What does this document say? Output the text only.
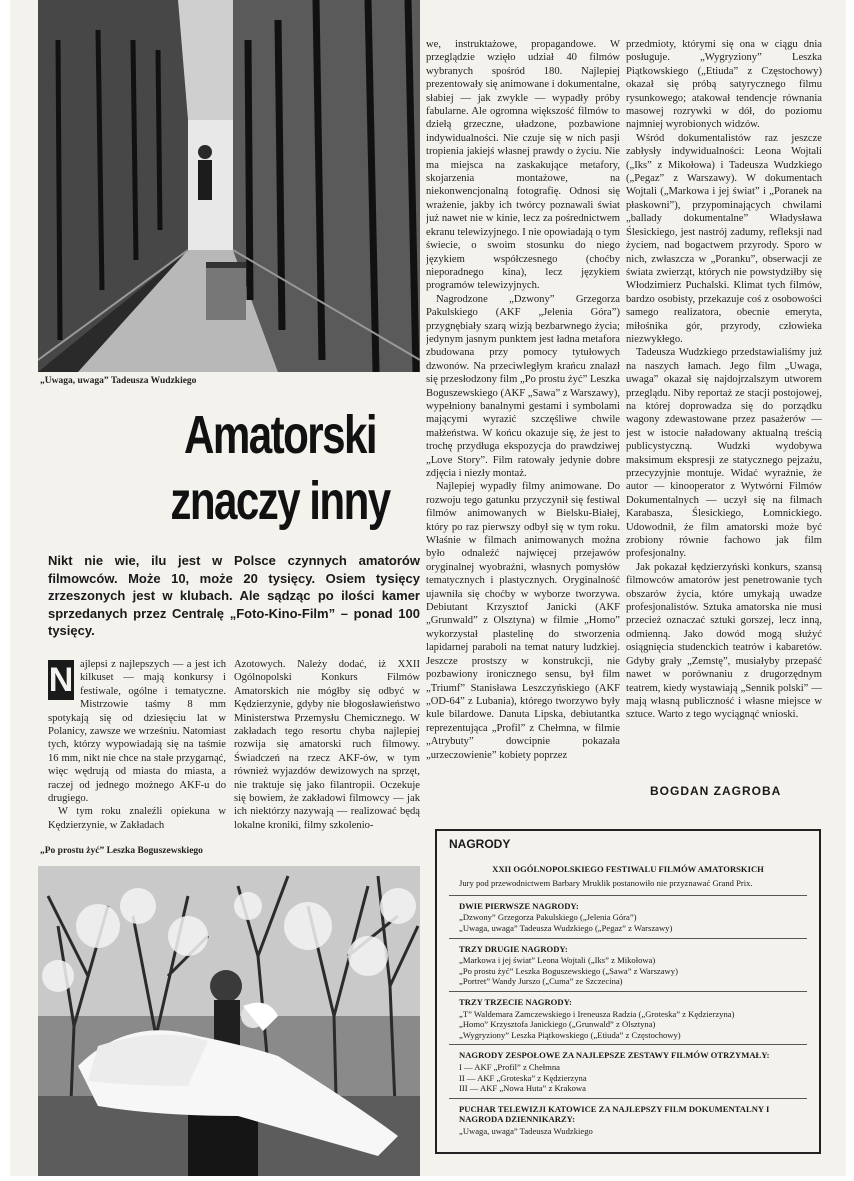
„Uwaga, uwaga” Tadeusza Wudzkiego
Amatorski
znaczy inny
Nikt nie wie, ilu jest w Polsce czynnych amatorów filmowców. Może 10, może 20 tysięcy. Osiem tysięcy zrzeszonych jest w klubach. Ale sądząc po ilości kamer sprzedanych przez Centralę „Foto-Kino-Film” – ponad 100 tysięcy.
N ajlepsi z najlepszych — a jest ich kilkuset — mają konkursy i festiwale, ogólne i tematyczne. Mistrzowie taśmy 8 mm spotykają się od dziesięciu lat w Polanicy, zawsze we wrześniu. Natomiast tych, którzy wypowiadają się na taśmie 16 mm, nikt nie chce na stałe przygarnąć, więc wędrują od miasta do miasta, a raczej od jednego możnego AKF-u do drugiego.

W tym roku znaleźli opiekuna w Kędzierzynie, w Zakładach

Azotowych. Należy dodać, iż XXII Ogólnopolski Konkurs Filmów Amatorskich nie mógłby się odbyć w Kędzierzynie, gdyby nie błogosławieństwo Ministerstwa Przemysłu Chemicznego. W zakładach tego resortu chyba najlepiej rozwija się amatorski ruch filmowy. Świadczeń na rzecz AKF-ów, w tym również wyjazdów dewizowych na sprzęt, nie traktuje się jako filantropii. Oczekuje się bowiem, że zakładowi filmowcy — jak ich niektórzy nazywają — realizować będą lokalne kroniki, filmy szkolenio-

we, instruktażowe, propagandowe. W przeglądzie wzięło udział 40 filmów wybranych spośród 180. Najlepiej prezentowały się animowane i dokumentalne, słabiej — jak zwykle — wypadły próby fabularne. Ale ogromna większość filmów to dziełą grzeczne, uładzone, pozbawione indywidualności. Nie czuje się w nich pasji tropienia jakiejś własnej prawdy o życiu. Nie ma miejsca na zaskakujące metafory, skojarzenia montażowe, na niekonwencjonalną fotografię. Odnosi się wrażenie, jakby ich twórcy poznawali świat już nawet nie w kinie, lecz za pośrednictwem ekranu telewizyjnego. I nie opowiadają o tym świecie, o swoim stosunku do niego językiem współczesnego (choćby nieporadnego kina), lecz językiem programów telewizyjnych.

Nagrodzone „Dzwony” Grzegorza Pakulskiego (AKF „Jelenia Góra”) przygnębiały szarą wizją bezbarwnego życia; jedynym jasnym punktem jest ładna metafora zbudowana przy pomocy tytułowych dzwonów. Na przeciwległym krańcu znalazł się przesłodzony film „Po prostu żyć” Leszka Boguszewskiego (AKF „Sawa” z Warszawy), wypełniony banalnymi gestami i symbolami mającymi wyrazić szczęśliwe chwile małżeństwa. W końcu okazuje się, że jest to trochę przydługa ekspozycja do prawdziwej „Love Story”. Film ratowały jedynie dobre zdjęcia i niezły montaż.

Najlepiej wypadły filmy animowane. Do rozwoju tego gatunku przyczynił się festiwal filmów animowanych w Bielsku-Białej, który po raz pierwszy odbył się w tym roku. Właśnie w filmach animowanych można było odnaleźć najwięcej przejawów oryginalnej wyobraźni, własnych pomysłów tematycznych i plastycznych. Oryginalność ujawniła się choćby w wyborze tworzywa. Debiutant Krzysztof Janicki (AKF „Grunwald” z Olsztyna) w filmie „Homo” wykorzystał plastelinę do stworzenia lapidarnej paraboli na temat natury ludzkiej. Jeszcze prostszy w konstrukcji, nie pozbawiony ironicznego sensu, był film „Triumf” Stanisława Leszczyńskiego (AKF „OD-64” z Lubania), którego tworzywo były kule bilardowe. Danuta Lipska, debiutantka reprezentująca „Profil” z Chełmna, w filmie „Atrybuty” dowcipnie pokazała „urzeczowienie” kobiety poprzez

przedmioty, którymi się ona w ciągu dnia posługuje. „Wygryziony” Leszka Piątkowskiego („Etiuda” z Częstochowy) okazał się próbą satyrycznego filmu rysunkowego; atakował tendencje równania masowej rozrywki w dół, do poziomu najmniej wyrobionych widzów.

Wśród dokumentalistów raz jeszcze zabłysły indywidualności: Leona Wojtali („Iks” z Mikołowa) i Tadeusza Wudzkiego („Pegaz” z Warszawy). W dokumentach Wojtali („Markowa i jej świat” i „Poranek na płaskowni”), przypominających chwilami „ballady dokumentalne” Władysława Ślesickiego, jest nastrój zadumy, refleksji nad życiem, nad bogactwem przyrody. Sporo w nich, zwłaszcza w „Poranku”, obserwacji ze świata zwierząt, których nie powstydziłby się Włodzimierz Puchalski. Klimat tych filmów, bardzo osobisty, przekazuje coś z osobowości samego realizatora, obecnie emeryta, miłośnika gór, przyrody, człowieka niezwykłego.

Tadeusza Wudzkiego przedstawialiśmy już na naszych łamach. Jego film „Uwaga, uwaga” okazał się najdojrzalszym utworem przeglądu. Niby reportaż ze stacji postojowej, na której doprowadza się do porządku wagony zdewastowane przez pasażerów — jest w istocie naładowany aktualną treścią publicystyczną. Wudzki wydobywa maksimum ekspresji ze statycznego pejzażu, przecyzyjnie montuje. Widać wyraźnie, że autor — kinooperator z Wytwórni Filmów Dokumentalnych — uczył się na filmach Karabasza, Ślesickiego, Łomnickiego. Udowodnił, że film amatorski może być zrobiony równie fachowo jak film profesjonalny.

Jak pokazał kędzierzyński konkurs, szansą filmowców amatorów jest penetrowanie tych obszarów życia, które umykają uwadze profesjonalistów. Sztuka amatorska nie musi przecież oznaczać sztuki gorszej, lecz inną, odmienną. Jako dowód mogą służyć osiągnięcia studenckich teatrów i kabaretów. Gdyby grały „Zemstę”, musiałyby przepaść nawet w porównaniu z drugorzędnym teatrem, kiedy wystawiają „Sennik polski” — mają własną publiczność i własne miejsce w sztuce. Warto z tego wyciągnąć wnioski.

BOGDAN ZAGROBA
„Po prostu żyć” Leszka Boguszewskiego	NAGRODY
XXII OGÓLNOPOLSKIEGO FESTIWALU FILMÓW AMATORSKICH
Jury pod przewodnictwem Barbary Mruklik postanowiło nie przyznawać Grand Prix.
DWIE PIERWSZE NAGRODY:
„Dzwony” Grzegorza Pakulskiego („Jelenia Góra”)
„Uwaga, uwaga” Tadeusza Wudzkiego („Pegaz” z Warszawy)
TRZY DRUGIE NAGRODY:
„Markowa i jej świat” Leona Wojtali („Iks” z Mikołowa)
„Po prostu żyć” Leszka Boguszewskiego („Sawa” z Warszawy)
„Portret” Wandy Jurszo („Cuma” ze Szczecina)
TRZY TRZECIE NAGRODY:
„T” Waldemara Zamczewskiego i Ireneusza Radzia („Groteska” z Kędzierzyna)
„Homo” Krzysztofa Janickiego („Grunwald” z Olsztyna)
„Wygryziony” Leszka Piątkowskiego („Etiuda” z Częstochowy)
NAGRODY ZESPOŁOWE ZA NAJLEPSZE ZESTAWY FILMÓW OTRZYMAŁY:
I — AKF „Profil” z Chełmna
II — AKF „Groteska” z Kędzierzyna
III — AKF „Nowa Huta” z Krakowa
PUCHAR TELEWIZJI KATOWICE ZA NAJLEPSZY FILM DOKUMENTALNY I NAGRODA DZIENNIKARZY:
„Uwaga, uwaga” Tadeusza Wudzkiego
